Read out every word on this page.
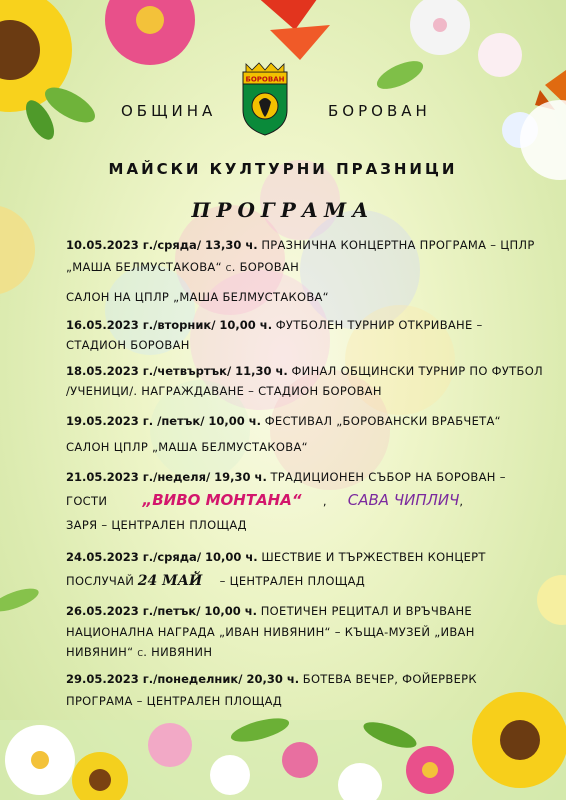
ОБЩИНА
БОРОВАН
БОРОВАН
МАЙСКИ КУЛТУРНИ ПРАЗНИЦИ
ПРОГРАМА
10.05.2023 г./сряда/ 13,30 ч. ПРАЗНИЧНА КОНЦЕРТНА ПРОГРАМА – ЦПЛР
„МАША БЕЛМУСТАКОВА“ с. БОРОВАН
САЛОН НА ЦПЛР „МАША БЕЛМУСТАКОВА“
16.05.2023 г./вторник/ 10,00 ч. ФУТБОЛЕН ТУРНИР ОТКРИВАНЕ –
СТАДИОН БОРОВАН
18.05.2023 г./четвъртък/ 11,30 ч. ФИНАЛ ОБЩИНСКИ ТУРНИР ПО ФУТБОЛ
/УЧЕНИЦИ/. НАГРАЖДАВАНЕ – СТАДИОН БОРОВАН
19.05.2023 г. /петък/ 10,00 ч. ФЕСТИВАЛ „БОРОВАНСКИ ВРАБЧЕТА“
САЛОН ЦПЛР „МАША БЕЛМУСТАКОВА“
21.05.2023 г./неделя/ 19,30 ч. ТРАДИЦИОНЕН СЪБОР НА БОРОВАН –
ГОСТИ „ВИВО МОНТАНА“ , САВА ЧИПЛИЧ,
ЗАРЯ – ЦЕНТРАЛЕН ПЛОЩАД
24.05.2023 г./сряда/ 10,00 ч. ШЕСТВИЕ И ТЪРЖЕСТВЕН КОНЦЕРТ
ПОСЛУЧАЙ 24 МАЙ – ЦЕНТРАЛЕН ПЛОЩАД
26.05.2023 г./петък/ 10,00 ч. ПОЕТИЧЕН РЕЦИТАЛ И ВРЪЧВАНЕ
НАЦИОНАЛНА НАГРАДА „ИВАН НИВЯНИН“ – КЪЩА-МУЗЕЙ „ИВАН
НИВЯНИН“ с. НИВЯНИН
29.05.2023 г./понеделник/ 20,30 ч. БОТЕВА ВЕЧЕР, ФОЙЕРВЕРК
ПРОГРАМА – ЦЕНТРАЛЕН ПЛОЩАД
